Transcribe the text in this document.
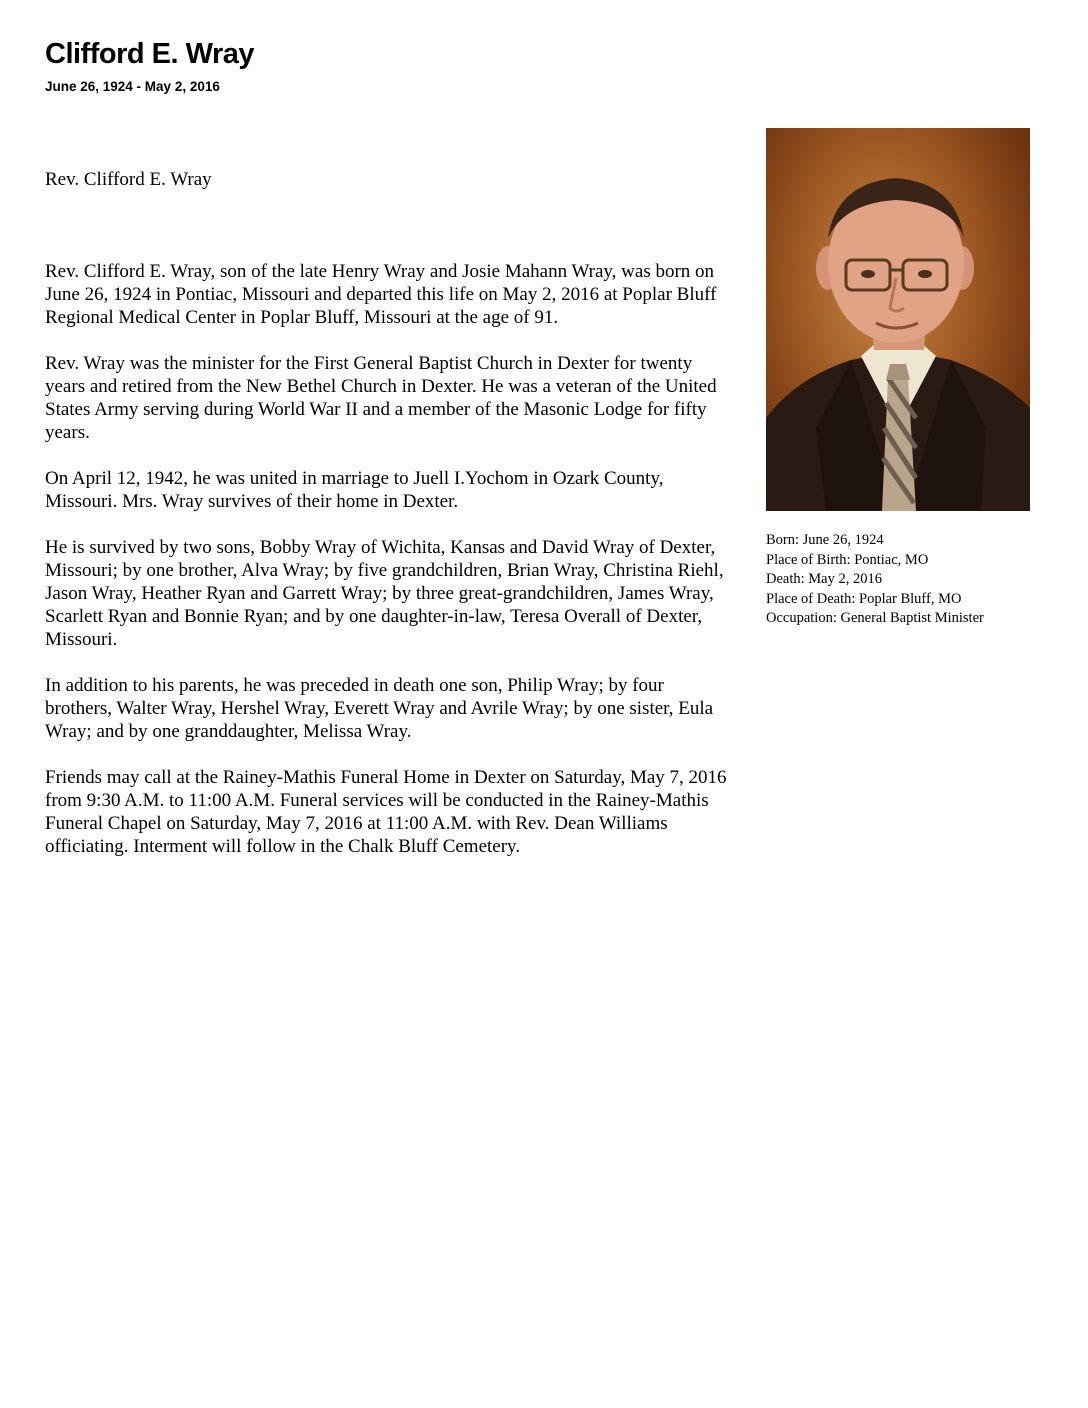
Clifford E. Wray
June 26, 1924 - May 2, 2016

Rev. Clifford E. Wray

Rev. Clifford E. Wray, son of the late Henry Wray and Josie Mahann Wray, was born on June 26, 1924 in Pontiac, Missouri and departed this life on May 2, 2016 at Poplar Bluff Regional Medical Center in Poplar Bluff, Missouri at the age of 91.

Rev. Wray was the minister for the First General Baptist Church in Dexter for twenty years and retired from the New Bethel Church in Dexter. He was a veteran of the United States Army serving during World War II and a member of the Masonic Lodge for fifty years.

On April 12, 1942, he was united in marriage to Juell I.Yochom in Ozark County, Missouri. Mrs. Wray survives of their home in Dexter.

He is survived by two sons, Bobby Wray of Wichita, Kansas and David Wray of Dexter, Missouri; by one brother, Alva Wray; by five grandchildren, Brian Wray, Christina Riehl, Jason Wray, Heather Ryan and Garrett Wray; by three great-grandchildren, James Wray, Scarlett Ryan and Bonnie Ryan; and by one daughter-in-law, Teresa Overall of Dexter, Missouri.

In addition to his parents, he was preceded in death one son, Philip Wray; by four brothers, Walter Wray, Hershel Wray, Everett Wray and Avrile Wray; by one sister, Eula Wray; and by one granddaughter, Melissa Wray.

Friends may call at the Rainey-Mathis Funeral Home in Dexter on Saturday, May 7, 2016 from 9:30 A.M. to 11:00 A.M. Funeral services will be conducted in the Rainey-Mathis Funeral Chapel on Saturday, May 7, 2016 at 11:00 A.M. with Rev. Dean Williams officiating. Interment will follow in the Chalk Bluff Cemetery.

Born: June 26, 1924
Place of Birth: Pontiac, MO
Death: May 2, 2016
Place of Death: Poplar Bluff, MO
Occupation: General Baptist Minister
